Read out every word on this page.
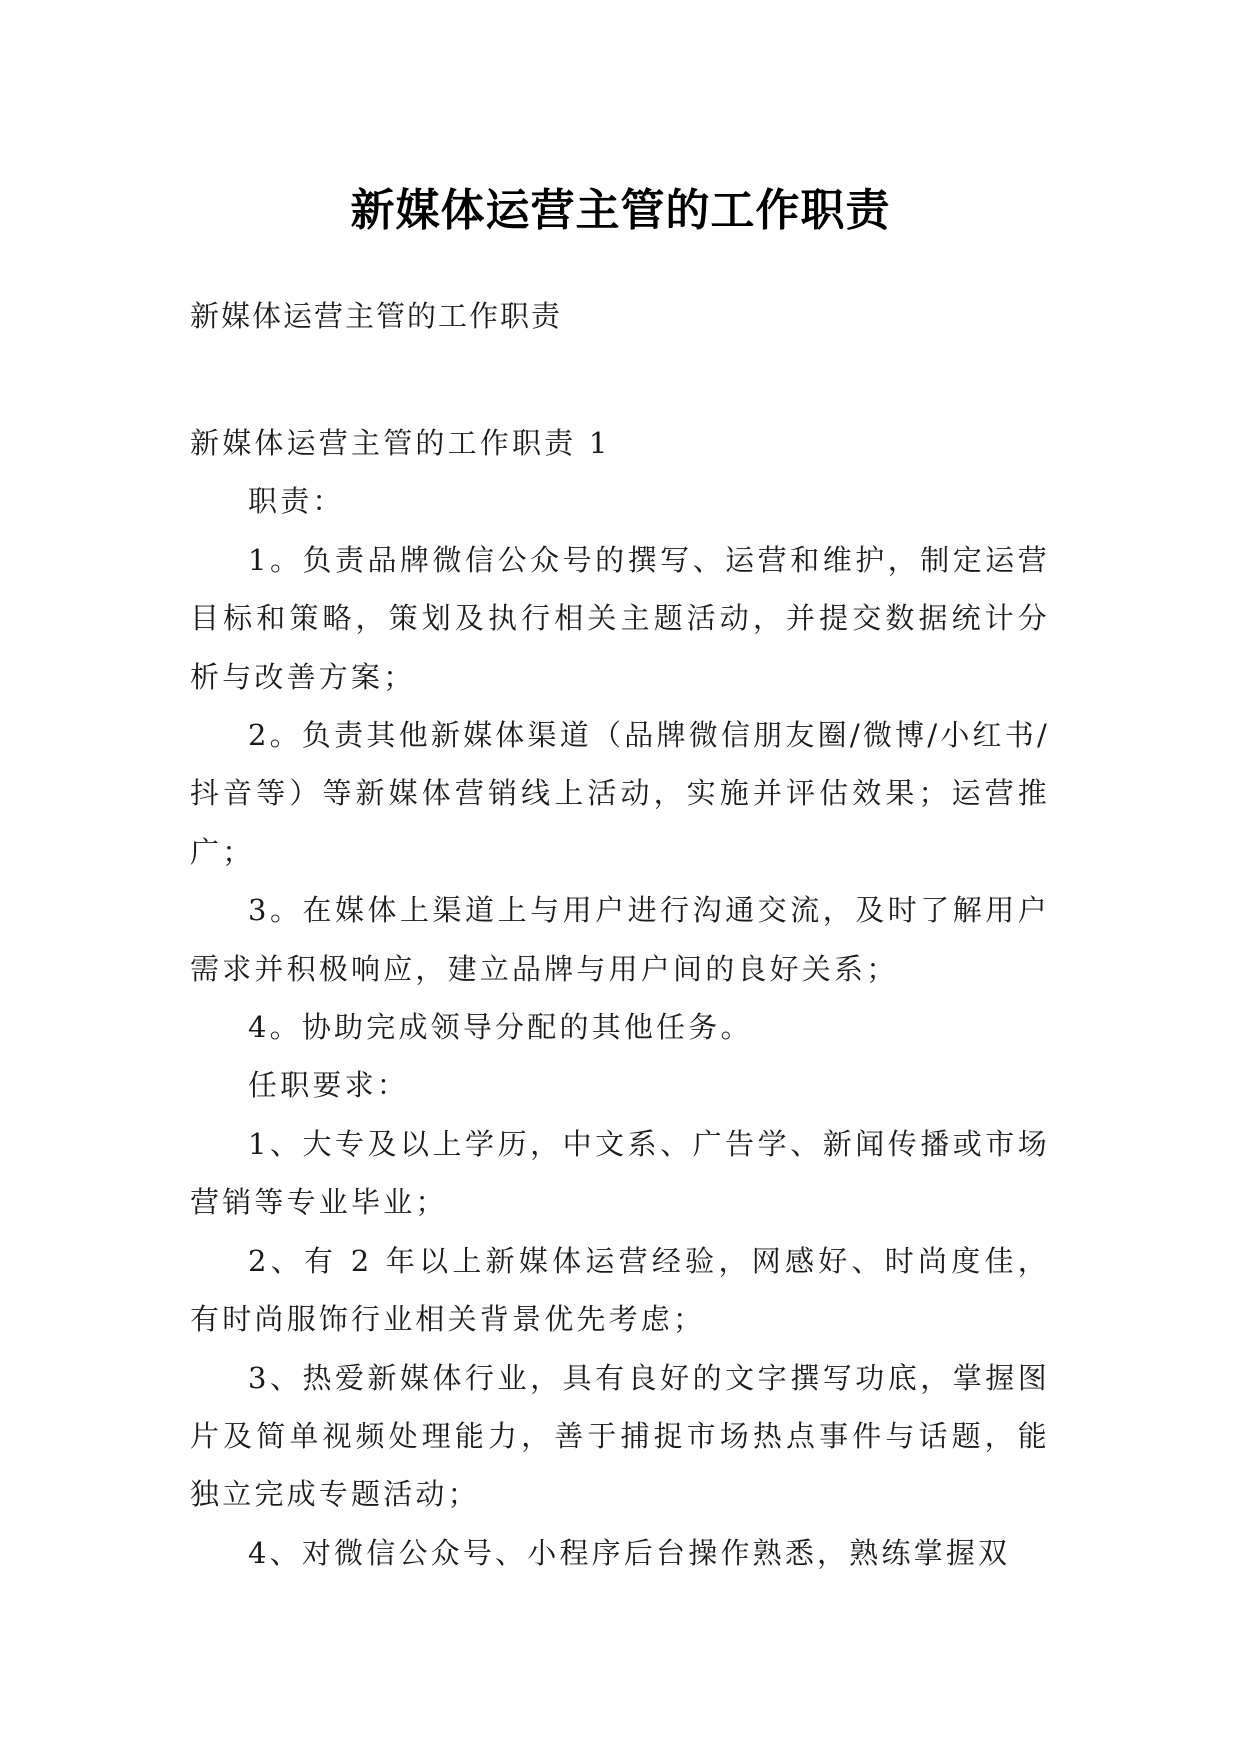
新媒体运营主管的工作职责
新媒体运营主管的工作职责

新媒体运营主管的工作职责 1

职责：

1。负责品牌微信公众号的撰写、运营和维护，制定运营目标和策略，策划及执行相关主题活动，并提交数据统计分析与改善方案；

2。负责其他新媒体渠道（品牌微信朋友圈/微博/小红书/抖音等）等新媒体营销线上活动，实施并评估效果；运营推广；

3。在媒体上渠道上与用户进行沟通交流，及时了解用户需求并积极响应，建立品牌与用户间的良好关系；

4。协助完成领导分配的其他任务。

任职要求：

1、大专及以上学历，中文系、广告学、新闻传播或市场营销等专业毕业；

2、有 2 年以上新媒体运营经验，网感好、时尚度佳，有时尚服饰行业相关背景优先考虑；

3、热爱新媒体行业，具有良好的文字撰写功底，掌握图片及简单视频处理能力，善于捕捉市场热点事件与话题，能独立完成专题活动；

4、对微信公众号、小程序后台操作熟悉，熟练掌握双
